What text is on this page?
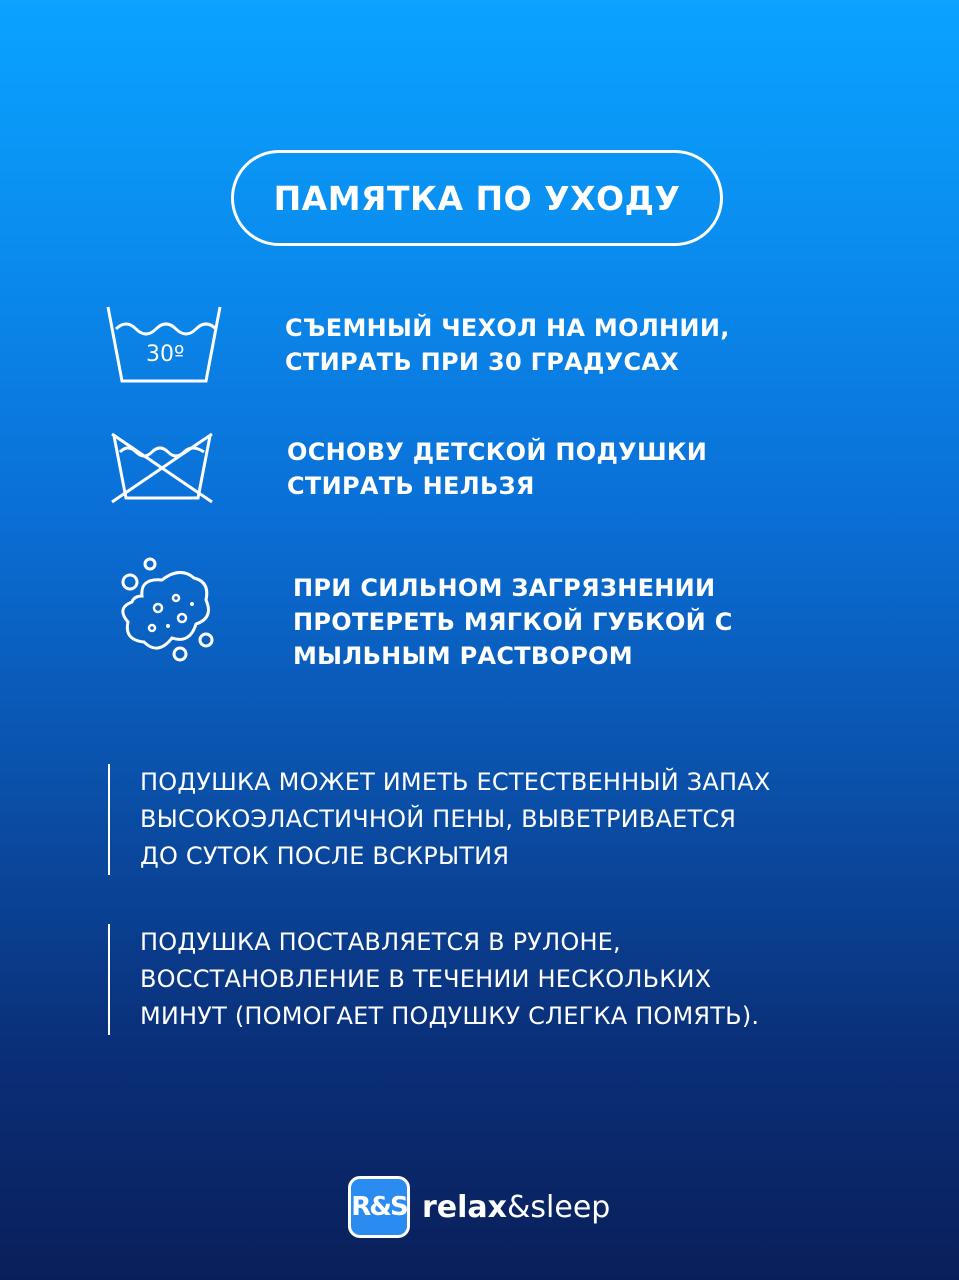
ПАМЯТКА ПО УХОДУ
30º
СЪЕМНЫЙ ЧЕХОЛ НА МОЛНИИ,
СТИРАТЬ ПРИ 30 ГРАДУСАХ
ОСНОВУ ДЕТСКОЙ ПОДУШКИ
СТИРАТЬ НЕЛЬЗЯ
ПРИ СИЛЬНОМ ЗАГРЯЗНЕНИИ
ПРОТЕРЕТЬ МЯГКОЙ ГУБКОЙ С
МЫЛЬНЫМ РАСТВОРОМ
ПОДУШКА МОЖЕТ ИМЕТЬ ЕСТЕСТВЕННЫЙ ЗАПАХ
ВЫСОКОЭЛАСТИЧНОЙ ПЕНЫ, ВЫВЕТРИВАЕТСЯ
ДО СУТОК ПОСЛЕ ВСКРЫТИЯ
ПОДУШКА ПОСТАВЛЯЕТСЯ В РУЛОНЕ,
ВОССТАНОВЛЕНИЕ В ТЕЧЕНИИ НЕСКОЛЬКИХ
МИНУТ (ПОМОГАЕТ ПОДУШКУ СЛЕГКА ПОМЯТЬ).
R&S relax&sleep
